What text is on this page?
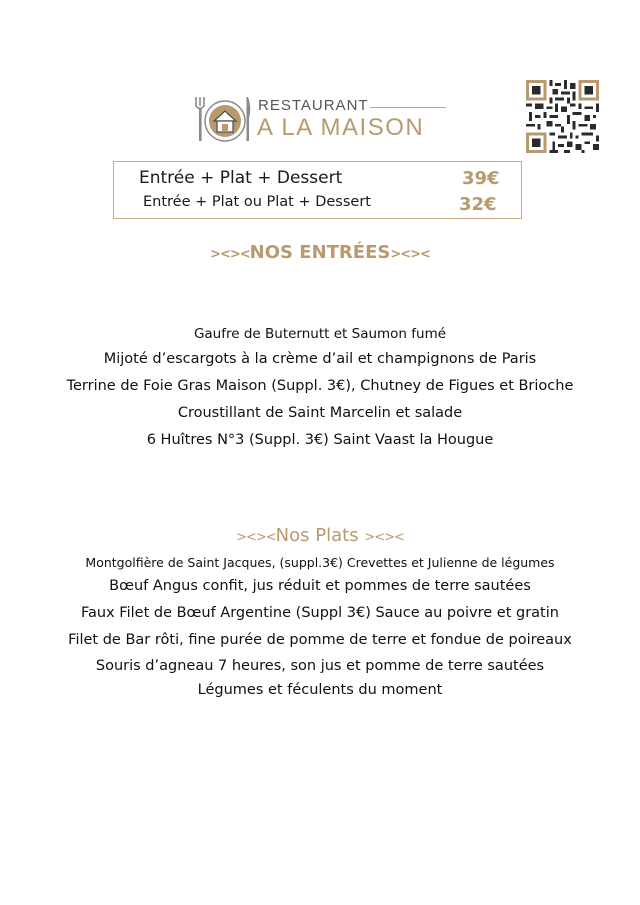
RESTAURANT
A LA MAISON
Entrée + Plat + Dessert	39€
Entrée + Plat ou Plat + Dessert	32€
><><NOS ENTRÉES><><
Gaufre de Buternutt et Saumon fumé
Mijoté d’escargots à la crème d’ail et champignons de Paris
Terrine de Foie Gras Maison (Suppl. 3€), Chutney de Figues et Brioche
Croustillant de Saint Marcelin et salade
6 Huîtres N°3 (Suppl. 3€) Saint Vaast la Hougue
><><Nos Plats ><><
Montgolfière de Saint Jacques, (suppl.3€) Crevettes et Julienne de légumes
Bœuf Angus confit, jus réduit et pommes de terre sautées
Faux Filet de Bœuf Argentine (Suppl 3€) Sauce au poivre et gratin
Filet de Bar rôti, fine purée de pomme de terre et fondue de poireaux
Souris d’agneau 7 heures, son jus et pomme de terre sautées
Légumes et féculents du moment
